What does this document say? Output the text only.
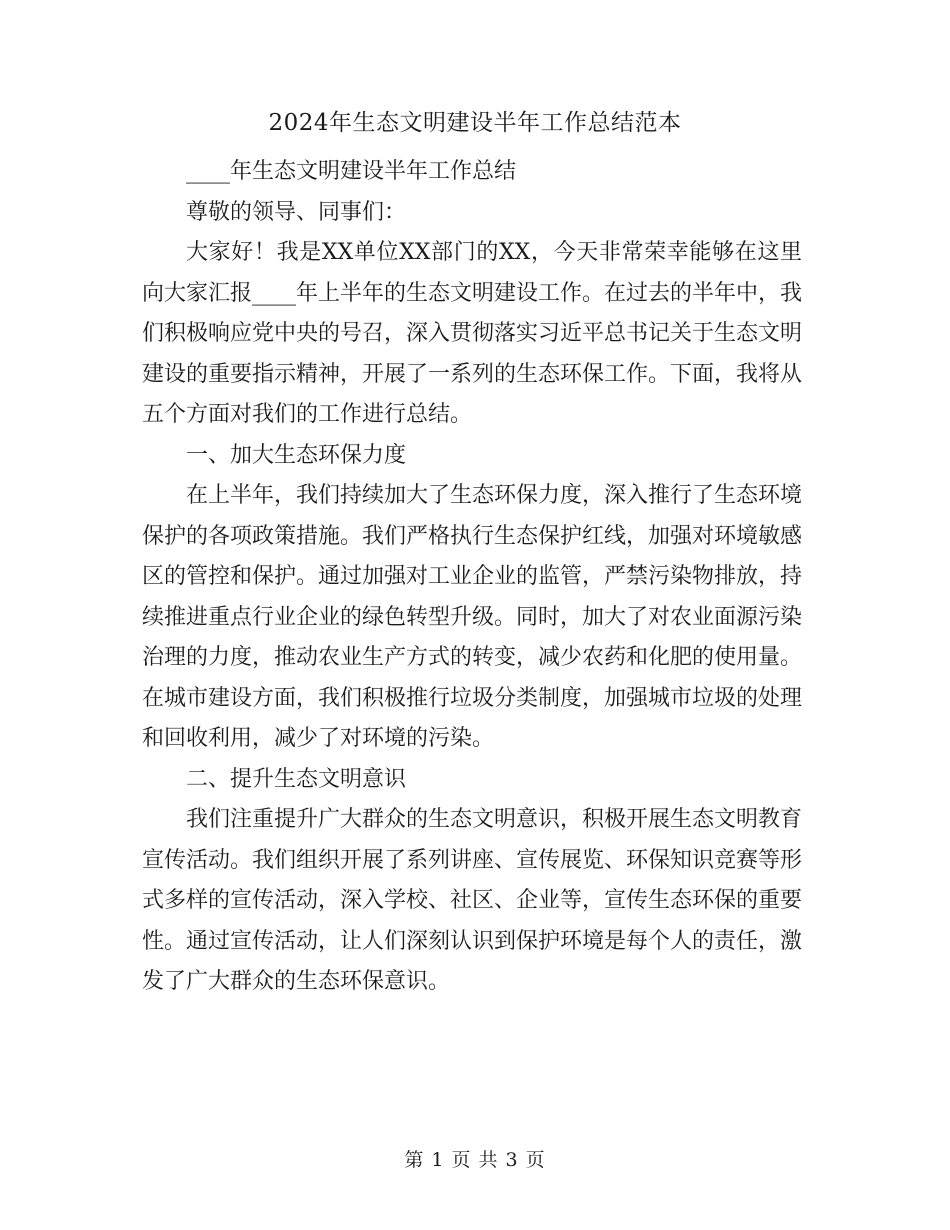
2024年生态文明建设半年工作总结范本

____年生态文明建设半年工作总结

尊敬的领导、同事们：

大家好！我是XX单位XX部门的XX，今天非常荣幸能够在这里向大家汇报____年上半年的生态文明建设工作。在过去的半年中，我们积极响应党中央的号召，深入贯彻落实习近平总书记关于生态文明建设的重要指示精神，开展了一系列的生态环保工作。下面，我将从五个方面对我们的工作进行总结。

一、加大生态环保力度

在上半年，我们持续加大了生态环保力度，深入推行了生态环境保护的各项政策措施。我们严格执行生态保护红线，加强对环境敏感区的管控和保护。通过加强对工业企业的监管，严禁污染物排放，持续推进重点行业企业的绿色转型升级。同时，加大了对农业面源污染治理的力度，推动农业生产方式的转变，减少农药和化肥的使用量。在城市建设方面，我们积极推行垃圾分类制度，加强城市垃圾的处理和回收利用，减少了对环境的污染。

二、提升生态文明意识

我们注重提升广大群众的生态文明意识，积极开展生态文明教育宣传活动。我们组织开展了系列讲座、宣传展览、环保知识竞赛等形式多样的宣传活动，深入学校、社区、企业等，宣传生态环保的重要性。通过宣传活动，让人们深刻认识到保护环境是每个人的责任，激发了广大群众的生态环保意识。

第 1 页 共 3 页
